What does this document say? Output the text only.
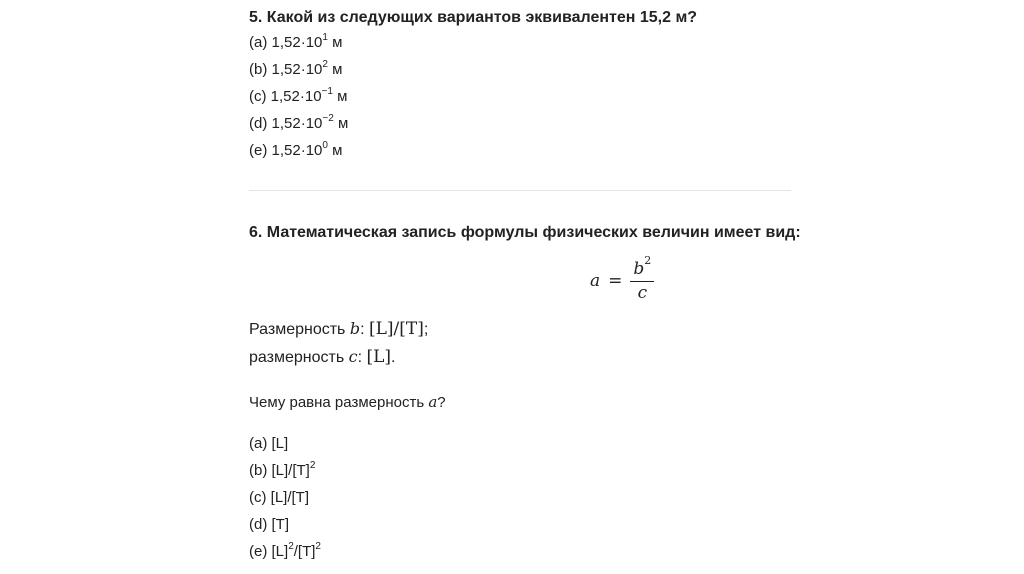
5. Какой из следующих вариантов эквивалентен 15,2 м?
(a) $1,52\cdot 10^1$ м
(b) $1,52\cdot 10^2$ м
(c) $1,52\cdot 10^{-1}$ м
(d) $1,52\cdot 10^{-2}$ м
(e) $1,52\cdot 10^0$ м
6. Математическая запись формулы физических величин имеет вид:
$a = \frac{b^2}{c}$
Размерность b: [L]/[T];
размерность c: [L].
Чему равна размерность a?
(a) [L]
(b) $[L]/[T]^2$
(c) [L]/[T]
(d) [T]
(e) $[L]^2/[T]^2$
